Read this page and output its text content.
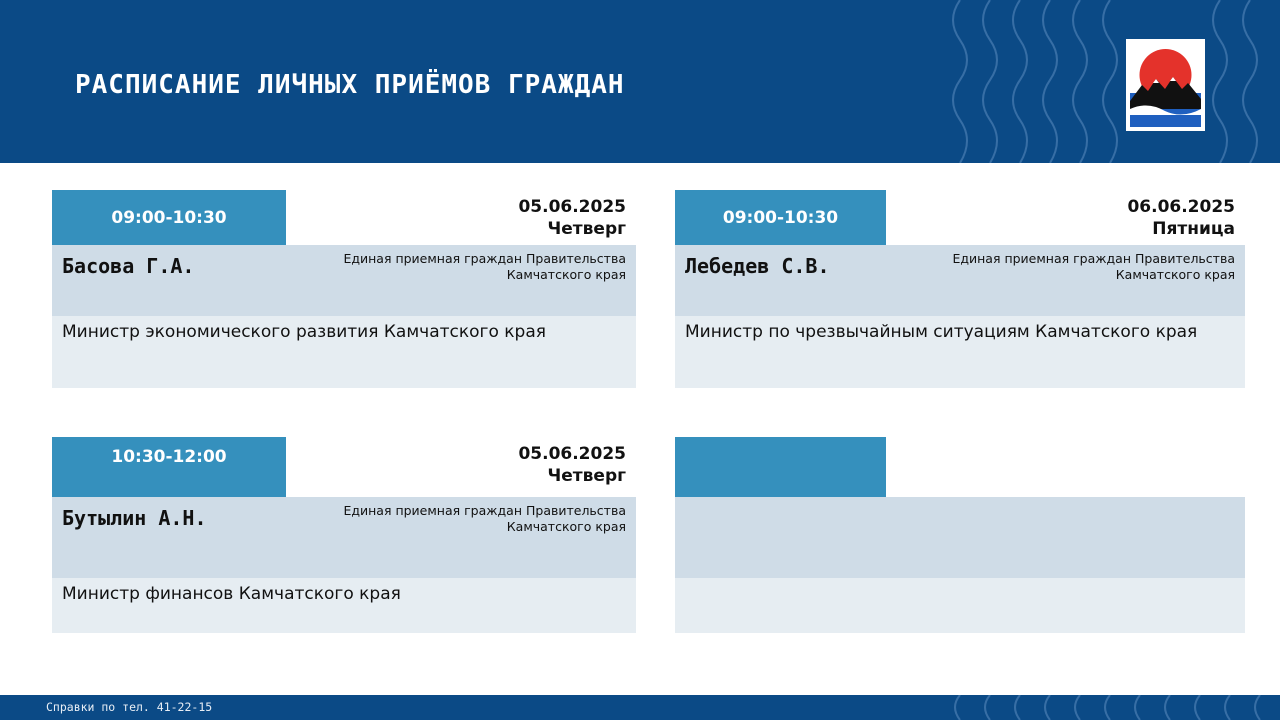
РАСПИСАНИЕ ЛИЧНЫХ ПРИЁМОВ ГРАЖДАН
09:00-10:30
05.06.2025
Четверг
Басова Г.А.	Единая приемная граждан Правительства Камчатского края
Министр экономического развития Камчатского края
09:00-10:30
06.06.2025
Пятница
Лебедев С.В.	Единая приемная граждан Правительства Камчатского края
Министр по чрезвычайным ситуациям Камчатского края
10:30-12:00	05.06.2025
Четверг
Бутылин А.Н.	Единая приемная граждан Правительства Камчатского края
Министр финансов Камчатского края
Справки по тел. 41-22-15
